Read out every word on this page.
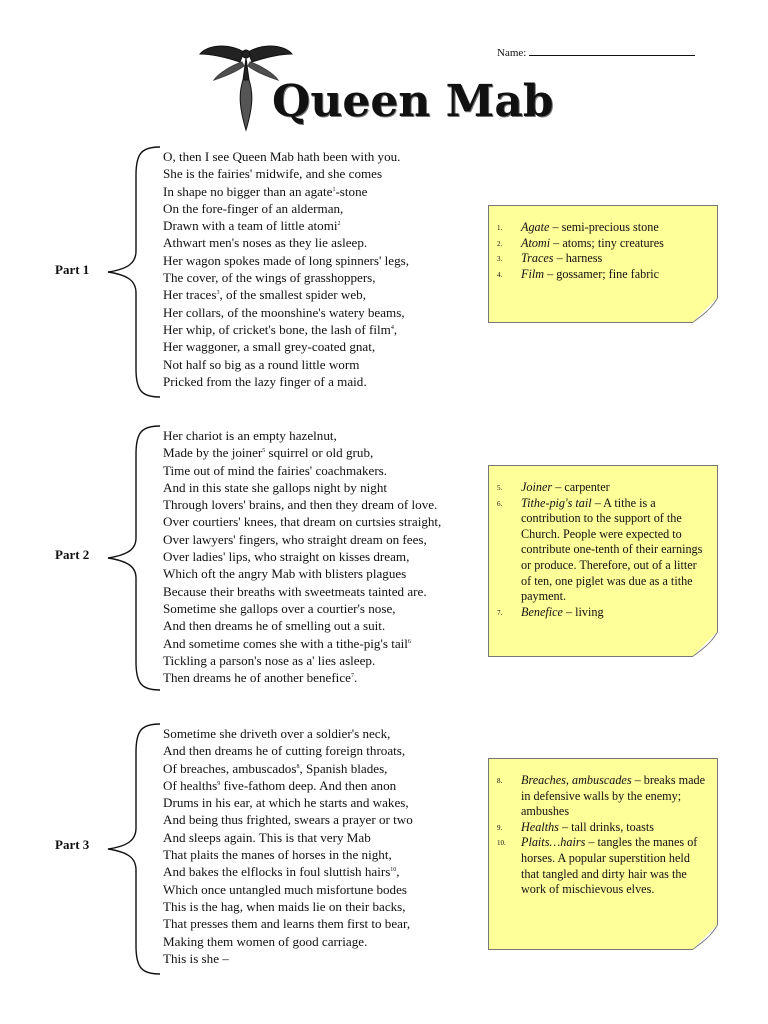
Queen Mab
Name:
Part 1
O, then I see Queen Mab hath been with you.
She is the fairies' midwife, and she comes
In shape no bigger than an agate$^1$-stone
On the fore-finger of an alderman,
Drawn with a team of little atomi$^2$
Athwart men's noses as they lie asleep.
Her wagon spokes made of long spinners' legs,
The cover, of the wings of grasshoppers,
Her traces$^3$, of the smallest spider web,
Her collars, of the moonshine's watery beams,
Her whip, of cricket's bone, the lash of film$^4$,
Her waggoner, a small grey-coated gnat,
Not half so big as a round little worm
Pricked from the lazy finger of a maid.
1. Agate – semi-precious stone
2. Atomi – atoms; tiny creatures
3. Traces – harness
4. Film – gossamer; fine fabric
Part 2
Her chariot is an empty hazelnut,
Made by the joiner$^5$ squirrel or old grub,
Time out of mind the fairies' coachmakers.
And in this state she gallops night by night
Through lovers' brains, and then they dream of love.
Over courtiers' knees, that dream on curtsies straight,
Over lawyers' fingers, who straight dream on fees,
Over ladies' lips, who straight on kisses dream,
Which oft the angry Mab with blisters plagues
Because their breaths with sweetmeats tainted are.
Sometime she gallops over a courtier's nose,
And then dreams he of smelling out a suit.
And sometime comes she with a tithe-pig's tail$^6$
Tickling a parson's nose as a' lies asleep.
Then dreams he of another benefice$^7$.
5. Joiner – carpenter
6. Tithe-pig's tail – A tithe is a contribution to the support of the Church. People were expected to contribute one-tenth of their earnings or produce. Therefore, out of a litter of ten, one piglet was due as a tithe payment.
7. Benefice – living
Part 3
Sometime she driveth over a soldier's neck,
And then dreams he of cutting foreign throats,
Of breaches, ambuscados$^8$, Spanish blades,
Of healths$^9$ five-fathom deep. And then anon
Drums in his ear, at which he starts and wakes,
And being thus frighted, swears a prayer or two
And sleeps again. This is that very Mab
That plaits the manes of horses in the night,
And bakes the elflocks in foul sluttish hairs$^{10}$,
Which once untangled much misfortune bodes
This is the hag, when maids lie on their backs,
That presses them and learns them first to bear,
Making them women of good carriage.
This is she –
8. Breaches, ambuscades – breaks made in defensive walls by the enemy; ambushes
9. Healths – tall drinks, toasts
10. Plaits…hairs – tangles the manes of horses. A popular superstition held that tangled and dirty hair was the work of mischievous elves.
